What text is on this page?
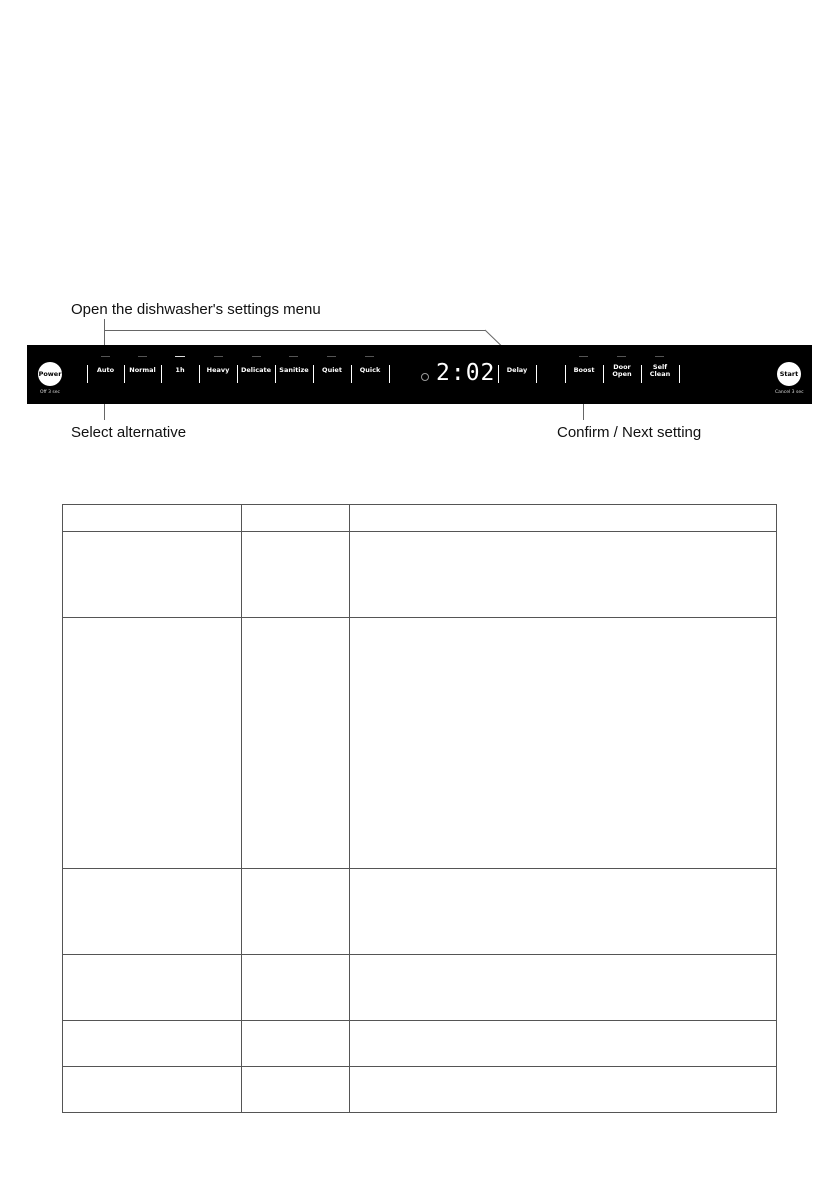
Open the dishwasher's settings menu
Select alternative	Confirm / Next setting
Power
Off 3 sec
Auto	Normal	1h	Heavy	Delicate	Sanitize	Quiet	Quick	2:02	Delay	Boost	Door
Open
Self
Clean	Start
Cancel 3 sec
